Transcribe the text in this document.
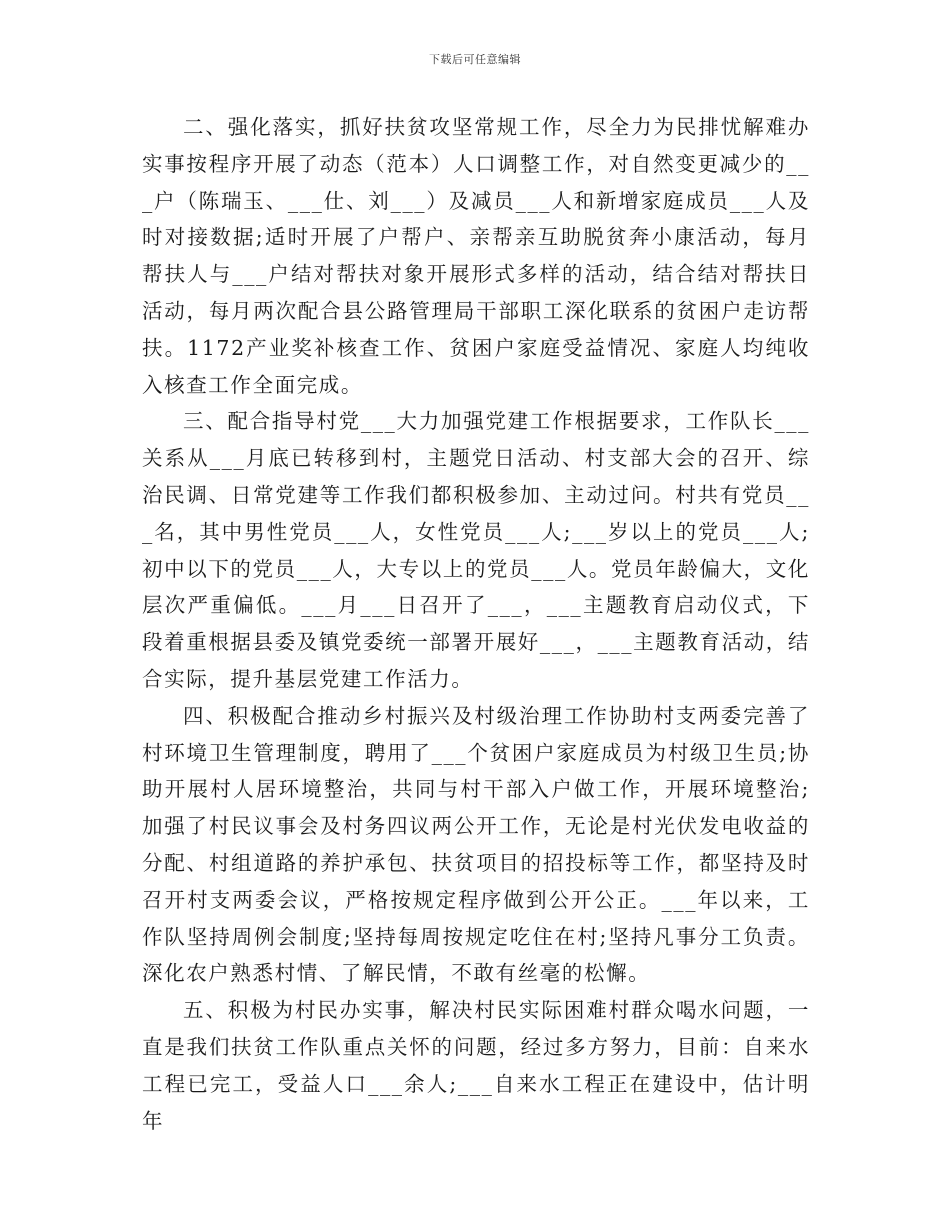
下载后可任意编辑

二、强化落实，抓好扶贫攻坚常规工作，尽全力为民排忧解难办实事按程序开展了动态（范本）人口调整工作，对自然变更减少的___户（陈瑞玉、___仕、刘___）及减员___人和新增家庭成员___人及时对接数据;适时开展了户帮户、亲帮亲互助脱贫奔小康活动，每月帮扶人与___户结对帮扶对象开展形式多样的活动，结合结对帮扶日活动，每月两次配合县公路管理局干部职工深化联系的贫困户走访帮扶。1172产业奖补核查工作、贫困户家庭受益情况、家庭人均纯收入核查工作全面完成。

三、配合指导村党___大力加强党建工作根据要求，工作队长___关系从___月底已转移到村，主题党日活动、村支部大会的召开、综治民调、日常党建等工作我们都积极参加、主动过问。村共有党员___名，其中男性党员___人，女性党员___人;___岁以上的党员___人;初中以下的党员___人，大专以上的党员___人。党员年龄偏大，文化层次严重偏低。___月___日召开了___，___主题教育启动仪式，下段着重根据县委及镇党委统一部署开展好___，___主题教育活动，结合实际，提升基层党建工作活力。

四、积极配合推动乡村振兴及村级治理工作协助村支两委完善了村环境卫生管理制度，聘用了___个贫困户家庭成员为村级卫生员;协助开展村人居环境整治，共同与村干部入户做工作，开展环境整治;加强了村民议事会及村务四议两公开工作，无论是村光伏发电收益的分配、村组道路的养护承包、扶贫项目的招投标等工作，都坚持及时召开村支两委会议，严格按规定程序做到公开公正。___年以来，工作队坚持周例会制度;坚持每周按规定吃住在村;坚持凡事分工负责。深化农户熟悉村情、了解民情，不敢有丝毫的松懈。

五、积极为村民办实事，解决村民实际困难村群众喝水问题，一直是我们扶贫工作队重点关怀的问题，经过多方努力，目前：自来水工程已完工，受益人口___余人;___自来水工程正在建设中，估计明年
